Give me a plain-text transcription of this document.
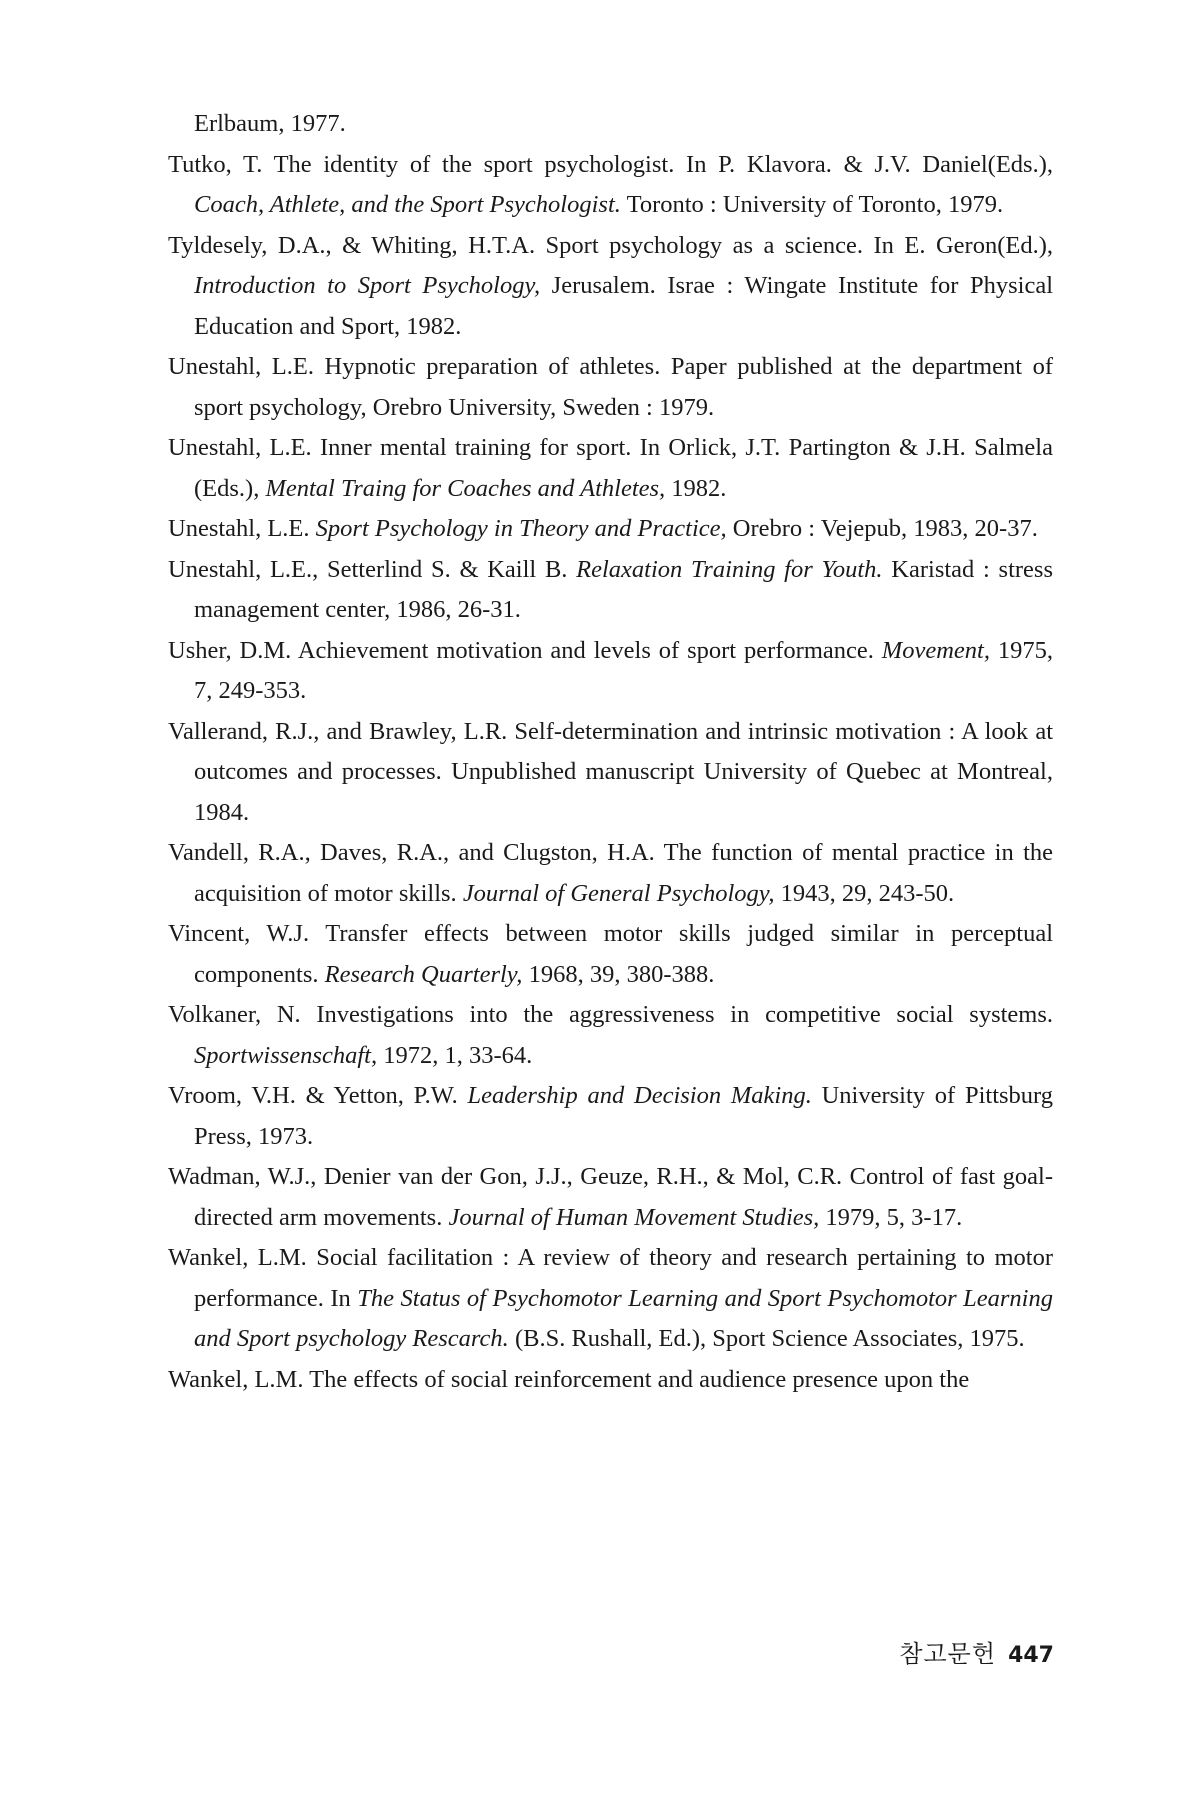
Erlbaum, 1977.

Tutko, T. The identity of the sport psychologist. In P. Klavora. & J.V. Daniel(Eds.), Coach, Athlete, and the Sport Psychologist. Toronto : University of Toronto, 1979.

Tyldesely, D.A., & Whiting, H.T.A. Sport psychology as a science. In E. Geron(Ed.), Introduction to Sport Psychology, Jerusalem. Israe : Wingate Institute for Physical Education and Sport, 1982.

Unestahl, L.E. Hypnotic preparation of athletes. Paper published at the department of sport psychology, Orebro University, Sweden : 1979.

Unestahl, L.E. Inner mental training for sport. In Orlick, J.T. Partington & J.H. Salmela (Eds.), Mental Traing for Coaches and Athletes, 1982.

Unestahl, L.E. Sport Psychology in Theory and Practice, Orebro : Vejepub, 1983, 20-37.

Unestahl, L.E., Setterlind S. & Kaill B. Relaxation Training for Youth. Karistad : stress management center, 1986, 26-31.

Usher, D.M. Achievement motivation and levels of sport performance. Movement, 1975, 7, 249-353.

Vallerand, R.J., and Brawley, L.R. Self-determination and intrinsic motivation : A look at outcomes and processes. Unpublished manuscript University of Quebec at Montreal, 1984.

Vandell, R.A., Daves, R.A., and Clugston, H.A. The function of mental practice in the acquisition of motor skills. Journal of General Psychology, 1943, 29, 243-50.

Vincent, W.J. Transfer effects between motor skills judged similar in perceptual components. Research Quarterly, 1968, 39, 380-388.

Volkaner, N. Investigations into the aggressiveness in competitive social systems. Sportwissenschaft, 1972, 1, 33-64.

Vroom, V.H. & Yetton, P.W. Leadership and Decision Making. University of Pittsburg Press, 1973.

Wadman, W.J., Denier van der Gon, J.J., Geuze, R.H., & Mol, C.R. Control of fast goal-directed arm movements. Journal of Human Movement Studies, 1979, 5, 3-17.

Wankel, L.M. Social facilitation : A review of theory and research pertaining to motor performance. In The Status of Psychomotor Learning and Sport Psychomotor Learning and Sport psychology Rescarch. (B.S. Rushall, Ed.), Sport Science Associates, 1975.

Wankel, L.M. The effects of social reinforcement and audience presence upon the

참고문헌 447
